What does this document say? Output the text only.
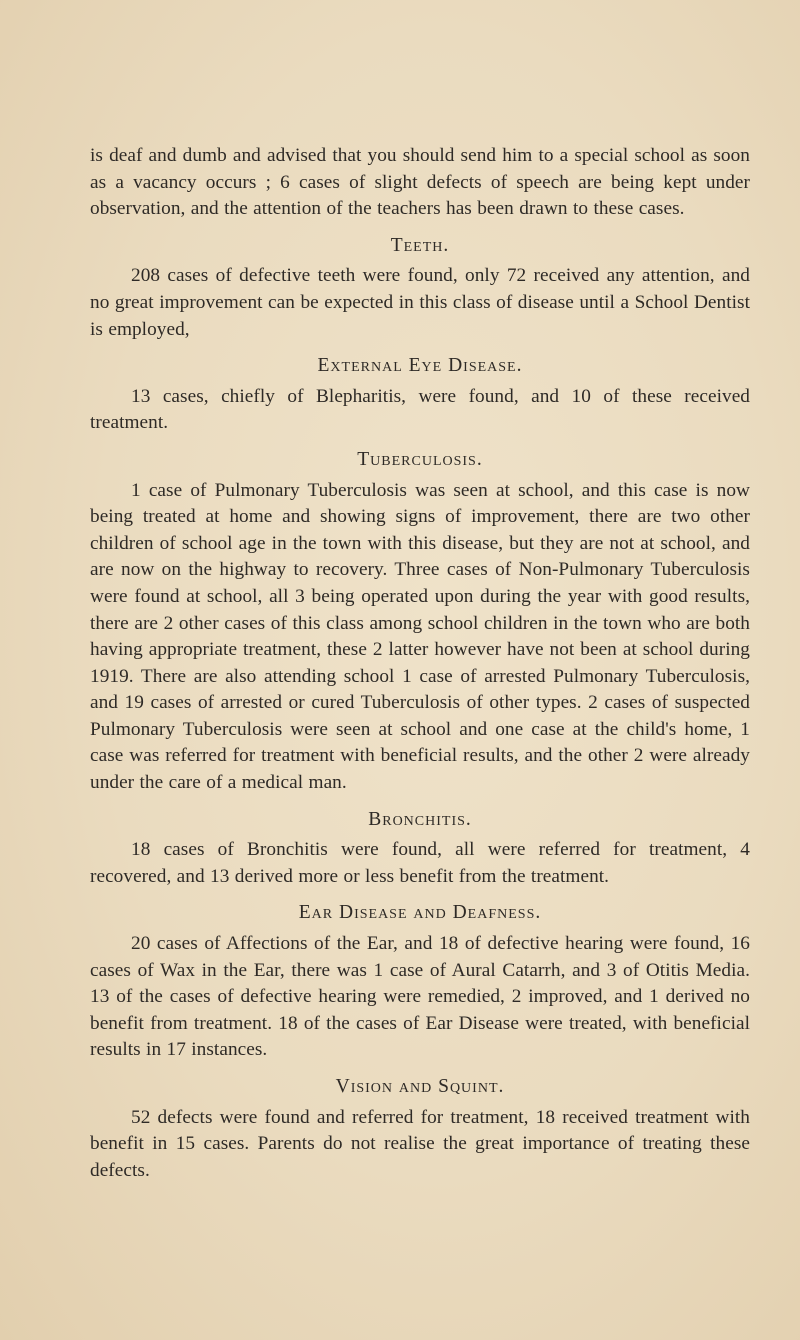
is deaf and dumb and advised that you should send him to a special school as soon as a vacancy occurs ; 6 cases of slight defects of speech are being kept under observation, and the attention of the teachers has been drawn to these cases.

Teeth.

208 cases of defective teeth were found, only 72 received any attention, and no great improvement can be expected in this class of disease until a School Dentist is employed,

External Eye Disease.

13 cases, chiefly of Blepharitis, were found, and 10 of these received treatment.

Tuberculosis.

1 case of Pulmonary Tuberculosis was seen at school, and this case is now being treated at home and showing signs of improvement, there are two other children of school age in the town with this disease, but they are not at school, and are now on the highway to recovery. Three cases of Non-Pulmonary Tuberculosis were found at school, all 3 being operated upon during the year with good results, there are 2 other cases of this class among school children in the town who are both having appropriate treatment, these 2 latter however have not been at school during 1919. There are also attending school 1 case of arrested Pulmonary Tuberculosis, and 19 cases of arrested or cured Tuberculosis of other types. 2 cases of suspected Pulmonary Tuberculosis were seen at school and one case at the child's home, 1 case was referred for treatment with beneficial results, and the other 2 were already under the care of a medical man.

Bronchitis.

18 cases of Bronchitis were found, all were referred for treatment, 4 recovered, and 13 derived more or less benefit from the treatment.

Ear Disease and Deafness.

20 cases of Affections of the Ear, and 18 of defective hearing were found, 16 cases of Wax in the Ear, there was 1 case of Aural Catarrh, and 3 of Otitis Media. 13 of the cases of defective hearing were remedied, 2 improved, and 1 derived no benefit from treatment. 18 of the cases of Ear Disease were treated, with beneficial results in 17 instances.

Vision and Squint.

52 defects were found and referred for treatment, 18 received treatment with benefit in 15 cases. Parents do not realise the great importance of treating these defects.
